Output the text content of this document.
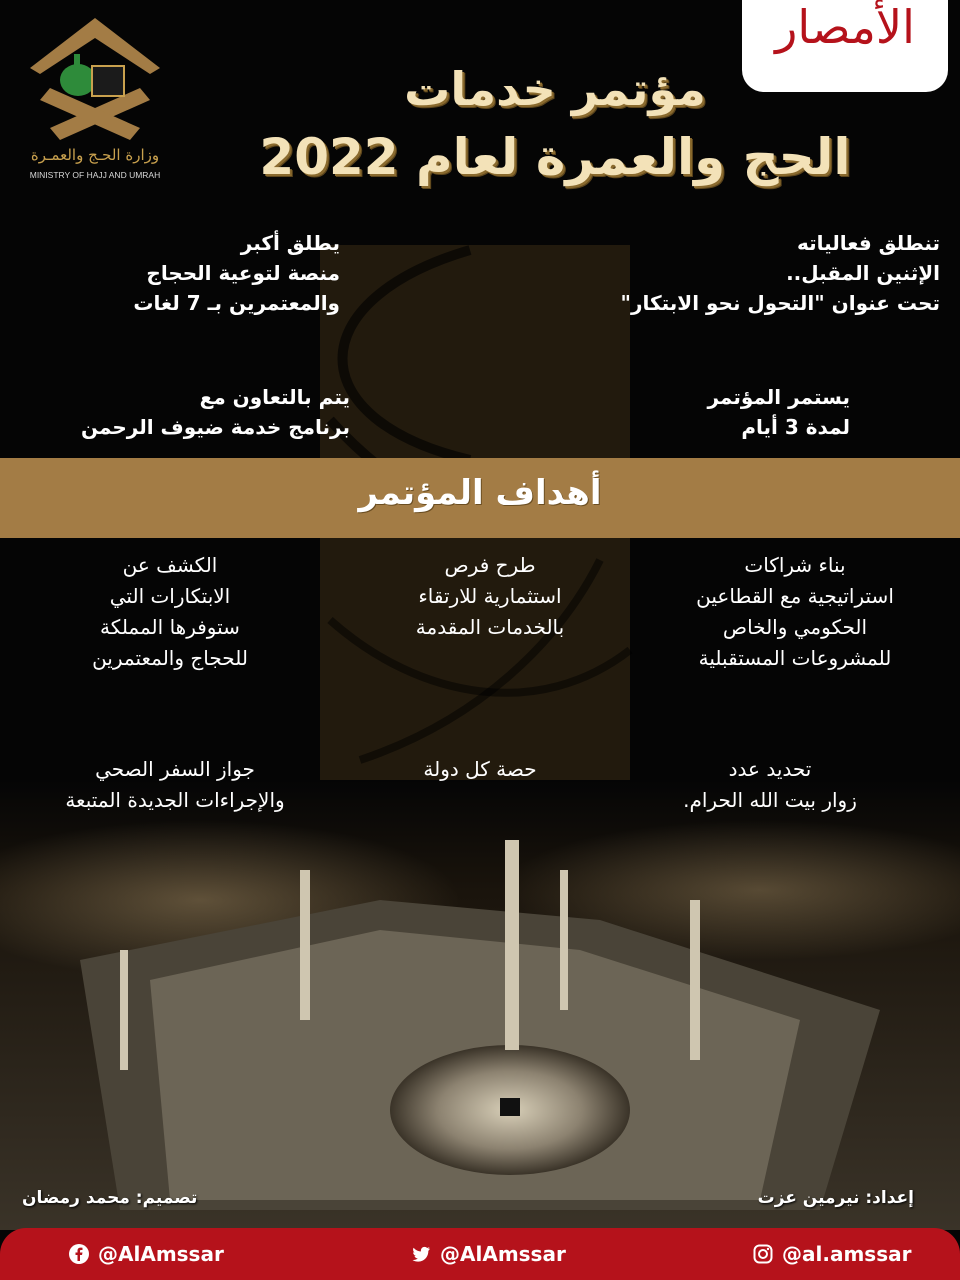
وزارة الحـج والعمـرة
MINISTRY OF HAJJ AND UMRAH
الأمصار
مؤتمر خدمات
الحج والعمرة لعام 2022
تنطلق فعالياته
الإثنين المقبل..
تحت عنوان "التحول نحو الابتكار"
يطلق أكبر
منصة لتوعية الحجاج
والمعتمرين بـ 7 لغات
يستمر المؤتمر
لمدة 3 أيام
يتم بالتعاون مع
برنامج خدمة ضيوف الرحمن
أهداف المؤتمر
بناء شراكات
استراتيجية مع القطاعين
الحكومي والخاص
للمشروعات المستقبلية
طرح فرص
استثمارية للارتقاء
بالخدمات المقدمة
الكشف عن
الابتكارات التي
ستوفرها المملكة
للحجاج والمعتمرين
تحديد عدد
زوار بيت الله الحرام.
حصة كل دولة
جواز السفر الصحي
والإجراءات الجديدة المتبعة
إعداد: نيرمين عزت
تصميم: محمد رمضان
@AlAmssar	@AlAmssar	@al.amssar
